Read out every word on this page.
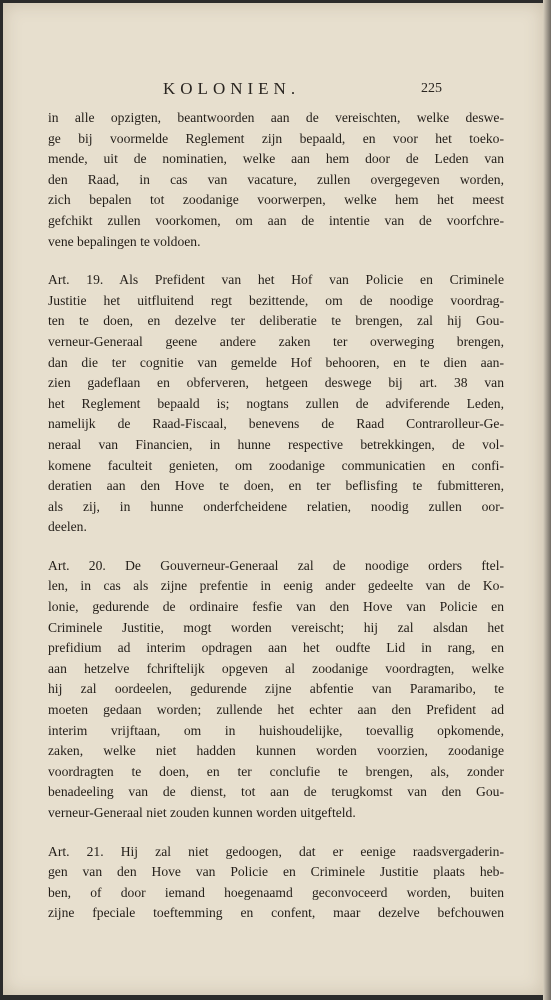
KOLONIEN.	225
in alle opzigten, beantwoorden aan de vereischten, welke deswe-
ge bij voormelde Reglement zijn bepaald, en voor het toeko-
mende, uit de nominatien, welke aan hem door de Leden van
den Raad, in cas van vacature, zullen overgegeven worden,
zich bepalen tot zoodanige voorwerpen, welke hem het meest
gefchikt zullen voorkomen, om aan de intentie van de voorfchre-
vene bepalingen te voldoen.
Art. 19. Als Prefident van het Hof van Policie en Criminele
Justitie het uitfluitend regt bezittende, om de noodige voordrag-
ten te doen, en dezelve ter deliberatie te brengen, zal hij Gou-
verneur-Generaal geene andere zaken ter overweging brengen,
dan die ter cognitie van gemelde Hof behooren, en te dien aan-
zien gadeflaan en obferveren, hetgeen deswege bij art. 38 van
het Reglement bepaald is; nogtans zullen de adviferende Leden,
namelijk de Raad-Fiscaal, benevens de Raad Contrarolleur-Ge-
neraal van Financien, in hunne respective betrekkingen, de vol-
komene faculteit genieten, om zoodanige communicatien en confi-
deratien aan den Hove te doen, en ter beflisfing te fubmitteren,
als zij, in hunne onderfcheidene relatien, noodig zullen oor-
deelen.
Art. 20. De Gouverneur-Generaal zal de noodige orders ftel-
len, in cas als zijne prefentie in eenig ander gedeelte van de Ko-
lonie, gedurende de ordinaire fesfie van den Hove van Policie en
Criminele Justitie, mogt worden vereischt; hij zal alsdan het
prefidium ad interim opdragen aan het oudfte Lid in rang, en
aan hetzelve fchriftelijk opgeven al zoodanige voordragten, welke
hij zal oordeelen, gedurende zijne abfentie van Paramaribo, te
moeten gedaan worden; zullende het echter aan den Prefident ad
interim vrijftaan, om in huishoudelijke, toevallig opkomende,
zaken, welke niet hadden kunnen worden voorzien, zoodanige
voordragten te doen, en ter conclufie te brengen, als, zonder
benadeeling van de dienst, tot aan de terugkomst van den Gou-
verneur-Generaal niet zouden kunnen worden uitgefteld.
Art. 21. Hij zal niet gedoogen, dat er eenige raadsvergaderin-
gen van den Hove van Policie en Criminele Justitie plaats heb-
ben, of door iemand hoegenaamd geconvoceerd worden, buiten
zijne fpeciale toeftemming en confent, maar dezelve befchouwen
